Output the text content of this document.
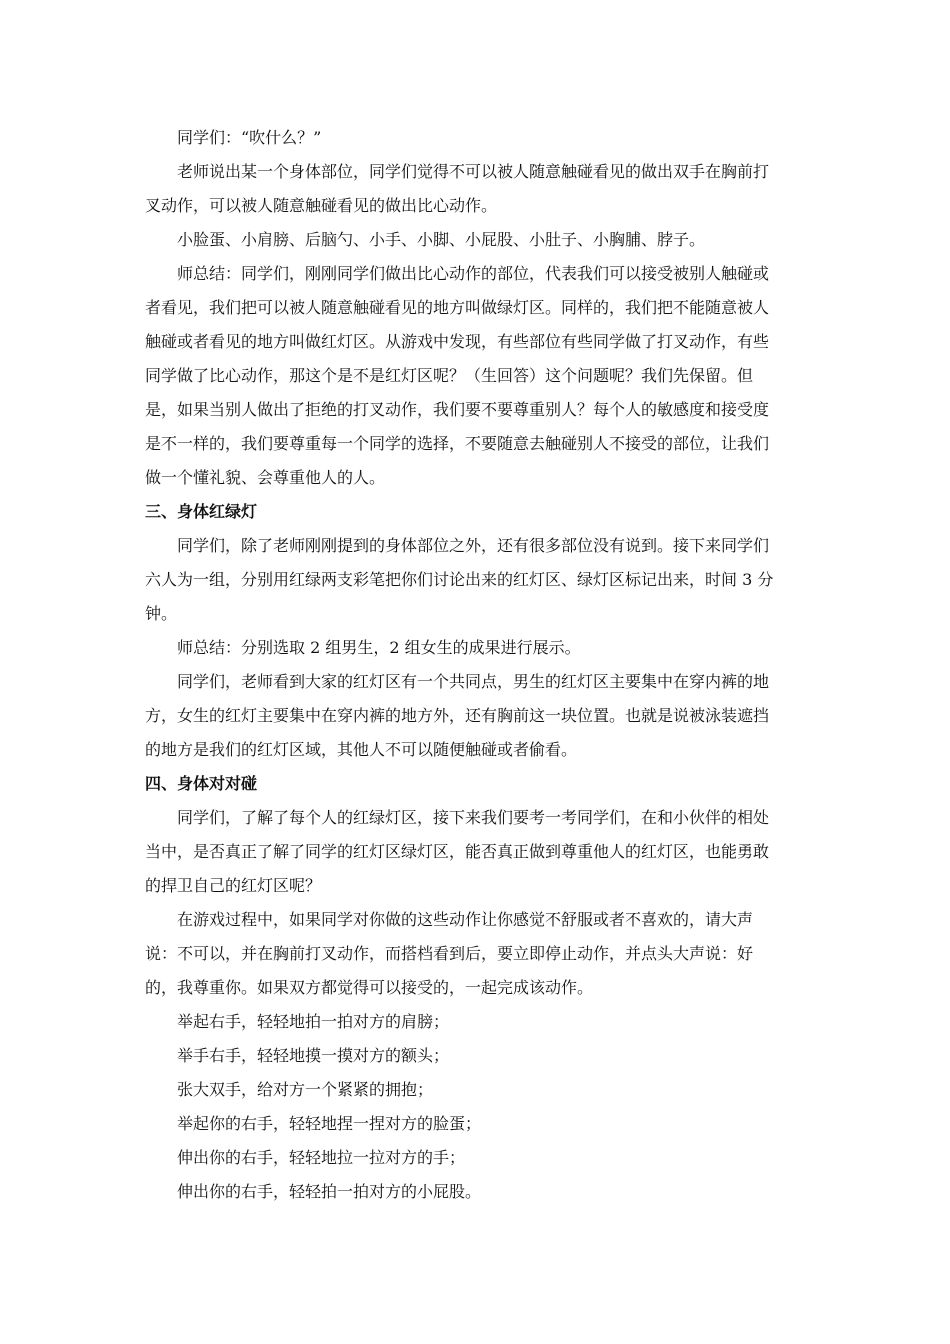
同学们：“吹什么？”
老师说出某一个身体部位，同学们觉得不可以被人随意触碰看见的做出双手在胸前打
叉动作，可以被人随意触碰看见的做出比心动作。
小脸蛋、小肩膀、后脑勺、小手、小脚、小屁股、小肚子、小胸脯、脖子。
师总结：同学们，刚刚同学们做出比心动作的部位，代表我们可以接受被别人触碰或
者看见，我们把可以被人随意触碰看见的地方叫做绿灯区。同样的，我们把不能随意被人
触碰或者看见的地方叫做红灯区。从游戏中发现，有些部位有些同学做了打叉动作，有些
同学做了比心动作，那这个是不是红灯区呢？（生回答）这个问题呢？我们先保留。但
是，如果当别人做出了拒绝的打叉动作，我们要不要尊重别人？每个人的敏感度和接受度
是不一样的，我们要尊重每一个同学的选择，不要随意去触碰别人不接受的部位，让我们
做一个懂礼貌、会尊重他人的人。
三、身体红绿灯
同学们，除了老师刚刚提到的身体部位之外，还有很多部位没有说到。接下来同学们
六人为一组，分别用红绿两支彩笔把你们讨论出来的红灯区、绿灯区标记出来，时间 3 分
钟。
师总结：分别选取 2 组男生，2 组女生的成果进行展示。
同学们，老师看到大家的红灯区有一个共同点，男生的红灯区主要集中在穿内裤的地
方，女生的红灯主要集中在穿内裤的地方外，还有胸前这一块位置。也就是说被泳装遮挡
的地方是我们的红灯区域，其他人不可以随便触碰或者偷看。
四、身体对对碰
同学们，了解了每个人的红绿灯区，接下来我们要考一考同学们，在和小伙伴的相处
当中，是否真正了解了同学的红灯区绿灯区，能否真正做到尊重他人的红灯区，也能勇敢
的捍卫自己的红灯区呢？
在游戏过程中，如果同学对你做的这些动作让你感觉不舒服或者不喜欢的，请大声
说：不可以，并在胸前打叉动作，而搭档看到后，要立即停止动作，并点头大声说：好
的，我尊重你。如果双方都觉得可以接受的，一起完成该动作。
举起右手，轻轻地拍一拍对方的肩膀；
举手右手，轻轻地摸一摸对方的额头；
张大双手，给对方一个紧紧的拥抱；
举起你的右手，轻轻地捏一捏对方的脸蛋；
伸出你的右手，轻轻地拉一拉对方的手；
伸出你的右手，轻轻拍一拍对方的小屁股。
